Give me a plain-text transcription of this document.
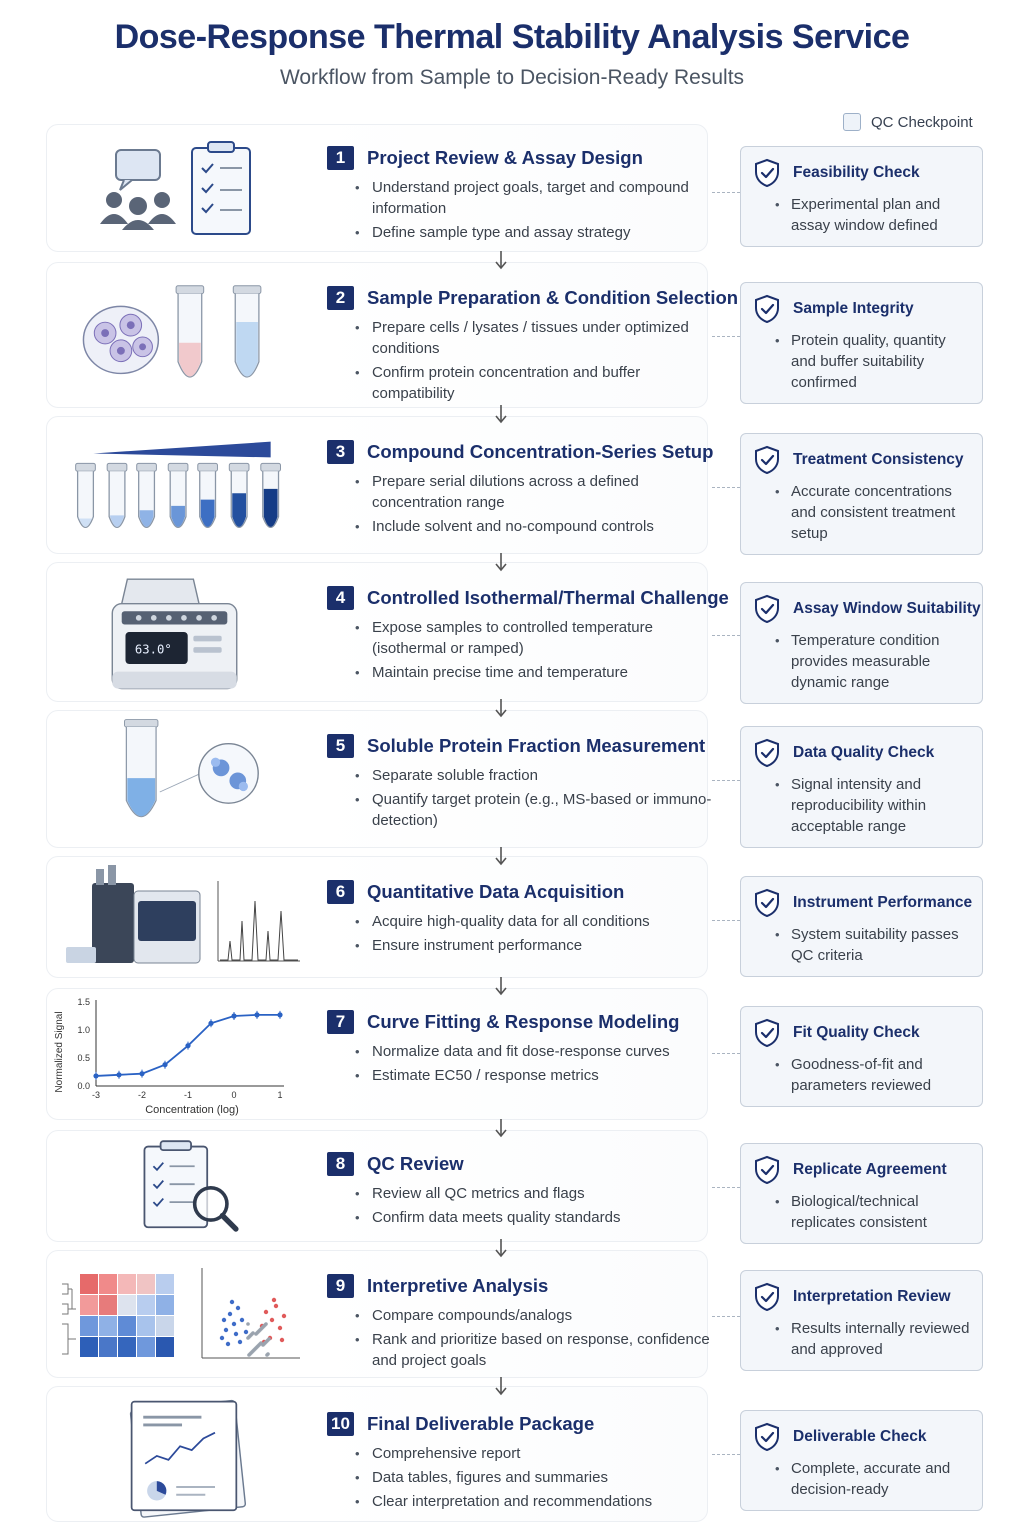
Dose-Response Thermal Stability Analysis Service
Workflow from Sample to Decision-Ready Results
QC Checkpoint
1	Project Review & Assay Design
• Understand project goals, target and compound information
• Define sample type and assay strategy
Feasibility Check
• Experimental plan and assay window defined
2	Sample Preparation & Condition Selection
• Prepare cells / lysates / tissues under optimized conditions
• Confirm protein concentration and buffer compatibility
Sample Integrity
• Protein quality, quantity and buffer suitability confirmed
3	Compound Concentration-Series Setup
• Prepare serial dilutions across a defined concentration range
• Include solvent and no-compound controls
Treatment Consistency
• Accurate concentrations and consistent treatment setup
63.0°
4	Controlled Isothermal/Thermal Challenge
• Expose samples to controlled temperature (isothermal or ramped)
• Maintain precise time and temperature
Assay Window Suitability
• Temperature condition provides measurable dynamic range
5	Soluble Protein Fraction Measurement
• Separate soluble fraction
• Quantify target protein (e.g., MS-based or immuno-detection)
Data Quality Check
• Signal intensity and reproducibility within acceptable range
6	Quantitative Data Acquisition
• Acquire high-quality data for all conditions
• Ensure instrument performance
Instrument Performance
• System suitability passes QC criteria
-3	-2	-1	0	1
0.0
0.5
1.0
1.5
Normalized Signal
Concentration (log)
7	Curve Fitting & Response Modeling
• Normalize data and fit dose-response curves
• Estimate EC50 / response metrics
Fit Quality Check
• Goodness-of-fit and parameters reviewed
8	QC Review
• Review all QC metrics and flags
• Confirm data meets quality standards
Replicate Agreement
• Biological/technical replicates consistent
9	Interpretive Analysis
• Compare compounds/analogs
• Rank and prioritize based on response, confidence and project goals
Interpretation Review
• Results internally reviewed and approved
10 Final Deliverable Package
• Comprehensive report
• Data tables, figures and summaries
• Clear interpretation and recommendations
Deliverable Check
• Complete, accurate and decision-ready
